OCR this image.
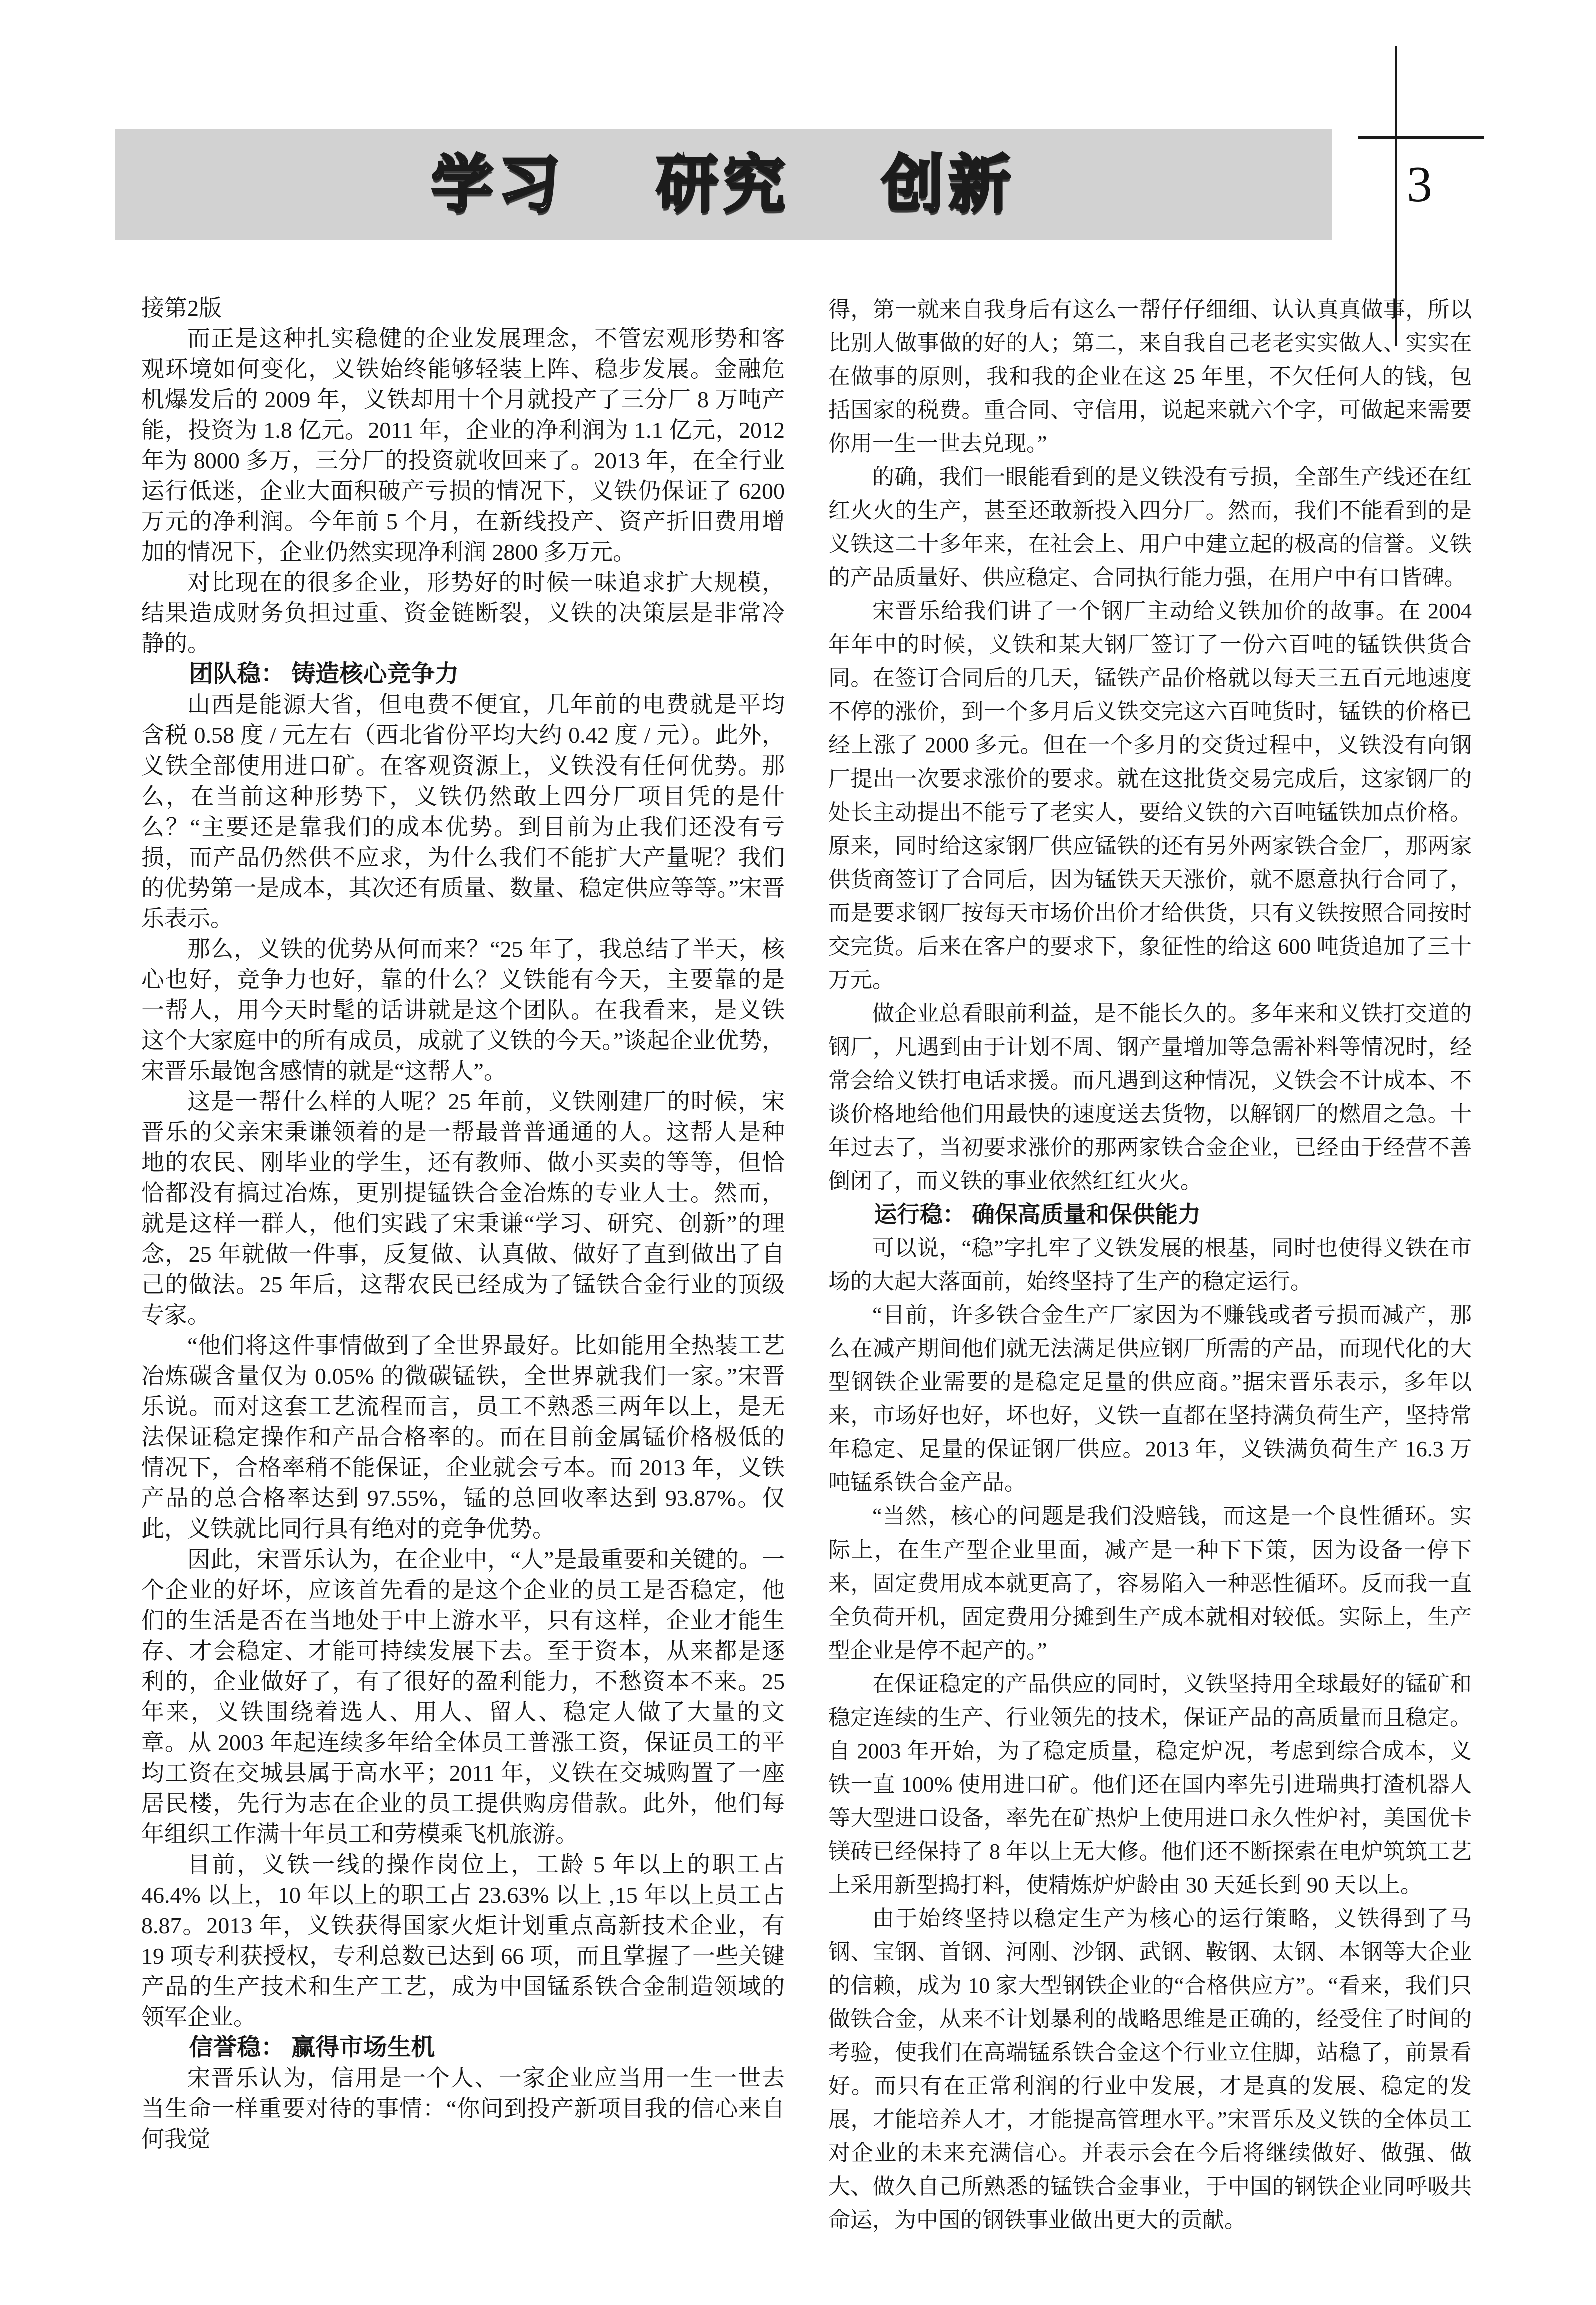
学习 研究 创新	3

接第2版

而正是这种扎实稳健的企业发展理念，不管宏观形势和客观环境如何变化，义铁始终能够轻装上阵、稳步发展。金融危机爆发后的 2009 年，义铁却用十个月就投产了三分厂 8 万吨产能，投资为 1.8 亿元。2011 年，企业的净利润为 1.1 亿元，2012 年为 8000 多万，三分厂的投资就收回来了。2013 年，在全行业运行低迷，企业大面积破产亏损的情况下，义铁仍保证了 6200 万元的净利润。今年前 5 个月，在新线投产、资产折旧费用增加的情况下，企业仍然实现净利润 2800 多万元。

对比现在的很多企业，形势好的时候一味追求扩大规模，结果造成财务负担过重、资金链断裂，义铁的决策层是非常冷静的。

团队稳： 铸造核心竞争力

山西是能源大省，但电费不便宜，几年前的电费就是平均含税 0.58 度 / 元左右（西北省份平均大约 0.42 度 / 元）。此外，义铁全部使用进口矿。在客观资源上，义铁没有任何优势。那么，在当前这种形势下，义铁仍然敢上四分厂项目凭的是什么？“主要还是靠我们的成本优势。到目前为止我们还没有亏损，而产品仍然供不应求，为什么我们不能扩大产量呢？我们的优势第一是成本，其次还有质量、数量、稳定供应等等。”宋晋乐表示。

那么，义铁的优势从何而来？“25 年了，我总结了半天，核心也好，竞争力也好，靠的什么？义铁能有今天，主要靠的是一帮人，用今天时髦的话讲就是这个团队。在我看来，是义铁这个大家庭中的所有成员，成就了义铁的今天。”谈起企业优势，宋晋乐最饱含感情的就是“这帮人”。

这是一帮什么样的人呢？25 年前，义铁刚建厂的时候，宋晋乐的父亲宋秉谦领着的是一帮最普普通通的人。这帮人是种地的农民、刚毕业的学生，还有教师、做小买卖的等等，但恰恰都没有搞过冶炼，更别提锰铁合金冶炼的专业人士。然而，就是这样一群人，他们实践了宋秉谦“学习、研究、创新”的理念，25 年就做一件事，反复做、认真做、做好了直到做出了自己的做法。25 年后，这帮农民已经成为了锰铁合金行业的顶级专家。

“他们将这件事情做到了全世界最好。比如能用全热装工艺冶炼碳含量仅为 0.05% 的微碳锰铁，全世界就我们一家。”宋晋乐说。而对这套工艺流程而言，员工不熟悉三两年以上，是无法保证稳定操作和产品合格率的。而在目前金属锰价格极低的情况下，合格率稍不能保证，企业就会亏本。而 2013 年，义铁产品的总合格率达到 97.55%，锰的总回收率达到 93.87%。仅此，义铁就比同行具有绝对的竞争优势。

因此，宋晋乐认为，在企业中，“人”是最重要和关键的。一个企业的好坏，应该首先看的是这个企业的员工是否稳定，他们的生活是否在当地处于中上游水平，只有这样，企业才能生存、才会稳定、才能可持续发展下去。至于资本，从来都是逐利的，企业做好了，有了很好的盈利能力，不愁资本不来。25 年来，义铁围绕着选人、用人、留人、稳定人做了大量的文章。从 2003 年起连续多年给全体员工普涨工资，保证员工的平均工资在交城县属于高水平；2011 年，义铁在交城购置了一座居民楼，先行为志在企业的员工提供购房借款。此外，他们每年组织工作满十年员工和劳模乘飞机旅游。

目前，义铁一线的操作岗位上，工龄 5 年以上的职工占 46.4% 以上，10 年以上的职工占 23.63% 以上 ,15 年以上员工占 8.87。2013 年，义铁获得国家火炬计划重点高新技术企业，有 19 项专利获授权，专利总数已达到 66 项，而且掌握了一些关键产品的生产技术和生产工艺，成为中国锰系铁合金制造领域的领军企业。

信誉稳： 赢得市场生机

宋晋乐认为，信用是一个人、一家企业应当用一生一世去当生命一样重要对待的事情：“你问到投产新项目我的信心来自何我觉

得，第一就来自我身后有这么一帮仔仔细细、认认真真做事，所以比别人做事做的好的人；第二，来自我自己老老实实做人、实实在在做事的原则，我和我的企业在这 25 年里，不欠任何人的钱，包括国家的税费。重合同、守信用，说起来就六个字，可做起来需要你用一生一世去兑现。”

的确，我们一眼能看到的是义铁没有亏损，全部生产线还在红红火火的生产，甚至还敢新投入四分厂。然而，我们不能看到的是义铁这二十多年来，在社会上、用户中建立起的极高的信誉。义铁的产品质量好、供应稳定、合同执行能力强，在用户中有口皆碑。

宋晋乐给我们讲了一个钢厂主动给义铁加价的故事。在 2004 年年中的时候，义铁和某大钢厂签订了一份六百吨的锰铁供货合同。在签订合同后的几天，锰铁产品价格就以每天三五百元地速度不停的涨价，到一个多月后义铁交完这六百吨货时，锰铁的价格已经上涨了 2000 多元。但在一个多月的交货过程中，义铁没有向钢厂提出一次要求涨价的要求。就在这批货交易完成后，这家钢厂的处长主动提出不能亏了老实人，要给义铁的六百吨锰铁加点价格。原来，同时给这家钢厂供应锰铁的还有另外两家铁合金厂，那两家供货商签订了合同后，因为锰铁天天涨价，就不愿意执行合同了，而是要求钢厂按每天市场价出价才给供货，只有义铁按照合同按时交完货。后来在客户的要求下，象征性的给这 600 吨货追加了三十万元。

做企业总看眼前利益，是不能长久的。多年来和义铁打交道的钢厂，凡遇到由于计划不周、钢产量增加等急需补料等情况时，经常会给义铁打电话求援。而凡遇到这种情况，义铁会不计成本、不谈价格地给他们用最快的速度送去货物，以解钢厂的燃眉之急。十年过去了，当初要求涨价的那两家铁合金企业，已经由于经营不善倒闭了，而义铁的事业依然红红火火。

运行稳： 确保高质量和保供能力

可以说，“稳”字扎牢了义铁发展的根基，同时也使得义铁在市场的大起大落面前，始终坚持了生产的稳定运行。

“目前，许多铁合金生产厂家因为不赚钱或者亏损而减产，那么在减产期间他们就无法满足供应钢厂所需的产品，而现代化的大型钢铁企业需要的是稳定足量的供应商。”据宋晋乐表示，多年以来，市场好也好，坏也好，义铁一直都在坚持满负荷生产，坚持常年稳定、足量的保证钢厂供应。2013 年，义铁满负荷生产 16.3 万吨锰系铁合金产品。

“当然，核心的问题是我们没赔钱，而这是一个良性循环。实际上，在生产型企业里面，减产是一种下下策，因为设备一停下来，固定费用成本就更高了，容易陷入一种恶性循环。反而我一直全负荷开机，固定费用分摊到生产成本就相对较低。实际上，生产型企业是停不起产的。”

在保证稳定的产品供应的同时，义铁坚持用全球最好的锰矿和稳定连续的生产、行业领先的技术，保证产品的高质量而且稳定。自 2003 年开始，为了稳定质量，稳定炉况，考虑到综合成本，义铁一直 100% 使用进口矿。他们还在国内率先引进瑞典打渣机器人等大型进口设备，率先在矿热炉上使用进口永久性炉衬，美国优卡镁砖已经保持了 8 年以上无大修。他们还不断探索在电炉筑筑工艺上采用新型捣打料，使精炼炉炉龄由 30 天延长到 90 天以上。

由于始终坚持以稳定生产为核心的运行策略，义铁得到了马钢、宝钢、首钢、河刚、沙钢、武钢、鞍钢、太钢、本钢等大企业的信赖，成为 10 家大型钢铁企业的“合格供应方”。“看来，我们只做铁合金，从来不计划暴利的战略思维是正确的，经受住了时间的考验，使我们在高端锰系铁合金这个行业立住脚，站稳了，前景看好。而只有在正常利润的行业中发展，才是真的发展、稳定的发展，才能培养人才，才能提高管理水平。”宋晋乐及义铁的全体员工对企业的未来充满信心。并表示会在今后将继续做好、做强、做大、做久自己所熟悉的锰铁合金事业，于中国的钢铁企业同呼吸共命运，为中国的钢铁事业做出更大的贡献。
